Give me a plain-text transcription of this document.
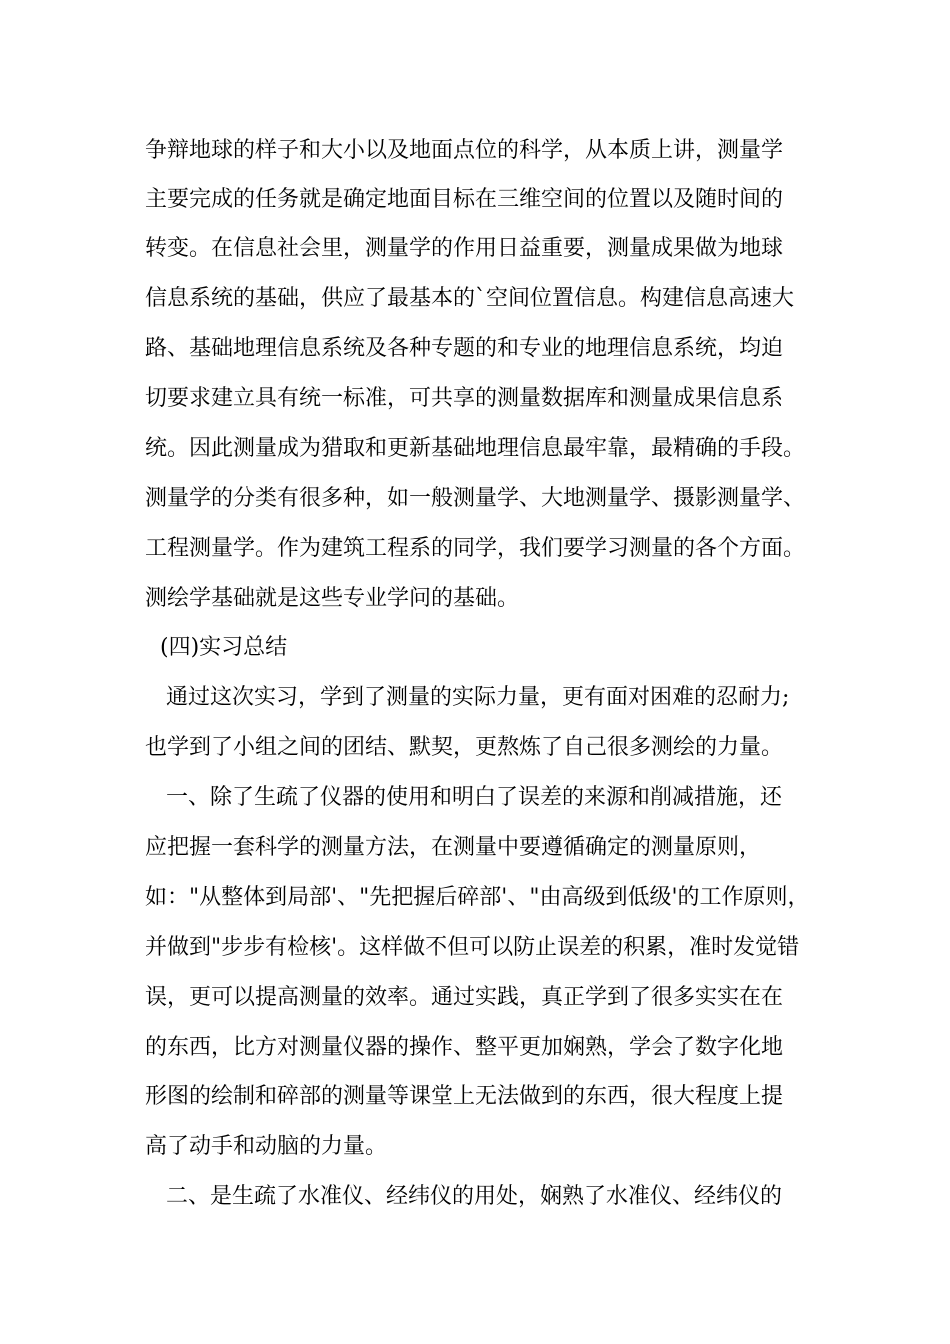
争辩地球的样子和大小以及地面点位的科学，从本质上讲，测量学
主要完成的任务就是确定地面目标在三维空间的位置以及随时间的
转变。在信息社会里，测量学的作用日益重要，测量成果做为地球
信息系统的基础，供应了最基本的`空间位置信息。构建信息高速大
路、基础地理信息系统及各种专题的和专业的地理信息系统，均迫
切要求建立具有统一标准，可共享的测量数据库和测量成果信息系
统。因此测量成为猎取和更新基础地理信息最牢靠，最精确的手段。
测量学的分类有很多种，如一般测量学、大地测量学、摄影测量学、
工程测量学。作为建筑工程系的同学，我们要学习测量的各个方面。
测绘学基础就是这些专业学问的基础。
(四)实习总结
通过这次实习，学到了测量的实际力量，更有面对困难的忍耐力;
也学到了小组之间的团结、默契，更熬炼了自己很多测绘的力量。
一、除了生疏了仪器的使用和明白了误差的来源和削减措施，还
应把握一套科学的测量方法，在测量中要遵循确定的测量原则，
如："从整体到局部'、"先把握后碎部'、"由高级到低级'的工作原则，
并做到"步步有检核'。这样做不但可以防止误差的积累，准时发觉错
误，更可以提高测量的效率。通过实践，真正学到了很多实实在在
的东西，比方对测量仪器的操作、整平更加娴熟，学会了数字化地
形图的绘制和碎部的测量等课堂上无法做到的东西，很大程度上提
高了动手和动脑的力量。
二、是生疏了水准仪、经纬仪的用处，娴熟了水准仪、经纬仪的
